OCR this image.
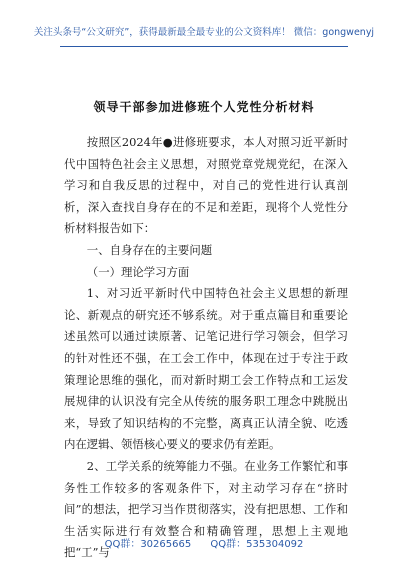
关注头条号“公文研究”，获得最新最全最专业的公文资料库！ 微信：gongwenyj
领导干部参加进修班个人党性分析材料

按照区2024年●进修班要求，本人对照习近平新时代中国特色社会主义思想，对照党章党规党纪，在深入学习和自我反思的过程中，对自己的党性进行认真剖析，深入查找自身存在的不足和差距，现将个人党性分析材料报告如下：

一、自身存在的主要问题

（一）理论学习方面

1、对习近平新时代中国特色社会主义思想的新理论、新观点的研究还不够系统。对于重点篇目和重要论述虽然可以通过读原著、记笔记进行学习领会，但学习的针对性还不强，在工会工作中，体现在过于专注于政策理论思维的强化，而对新时期工会工作特点和工运发展规律的认识没有完全从传统的服务职工理念中跳脱出来，导致了知识结构的不完整，离真正认清全貌、吃透内在逻辑、领悟核心要义的要求仍有差距。

2、工学关系的统筹能力不强。在业务工作繁忙和事务性工作较多的客观条件下，对主动学习存在“挤时间”的想法，把学习当作贯彻落实，没有把思想、工作和生活实际进行有效整合和精确管理，思想上主观地把“工”与

QQ群：30265665 QQ群：535304092
